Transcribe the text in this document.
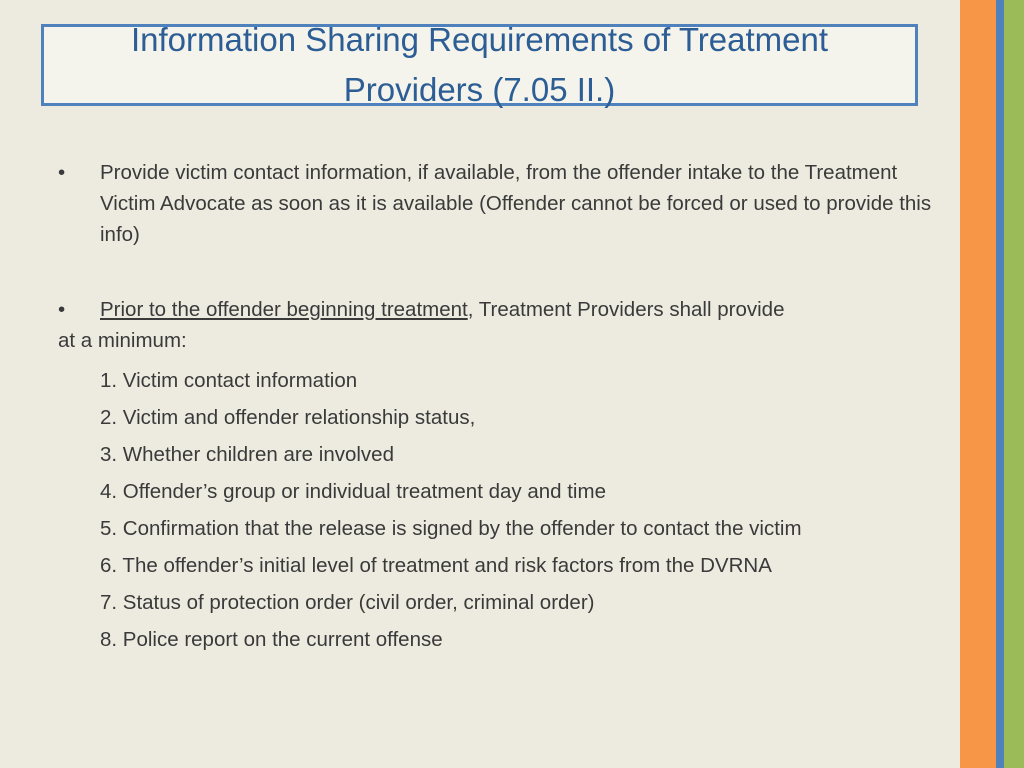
Information Sharing Requirements of Treatment
Providers (7.05 II.)

• Provide victim contact information, if available, from the offender intake to the Treatment Victim Advocate as soon as it is available (Offender cannot be forced or used to provide this info)

• Prior to the offender beginning treatment, Treatment Providers shall provide

at a minimum:

1. Victim contact information
2. Victim and offender relationship status,
3. Whether children are involved
4. Offender’s group or individual treatment day and time
5. Confirmation that the release is signed by the offender to contact the victim
6. The offender’s initial level of treatment and risk factors from the DVRNA
7. Status of protection order (civil order, criminal order)
8. Police report on the current offense
